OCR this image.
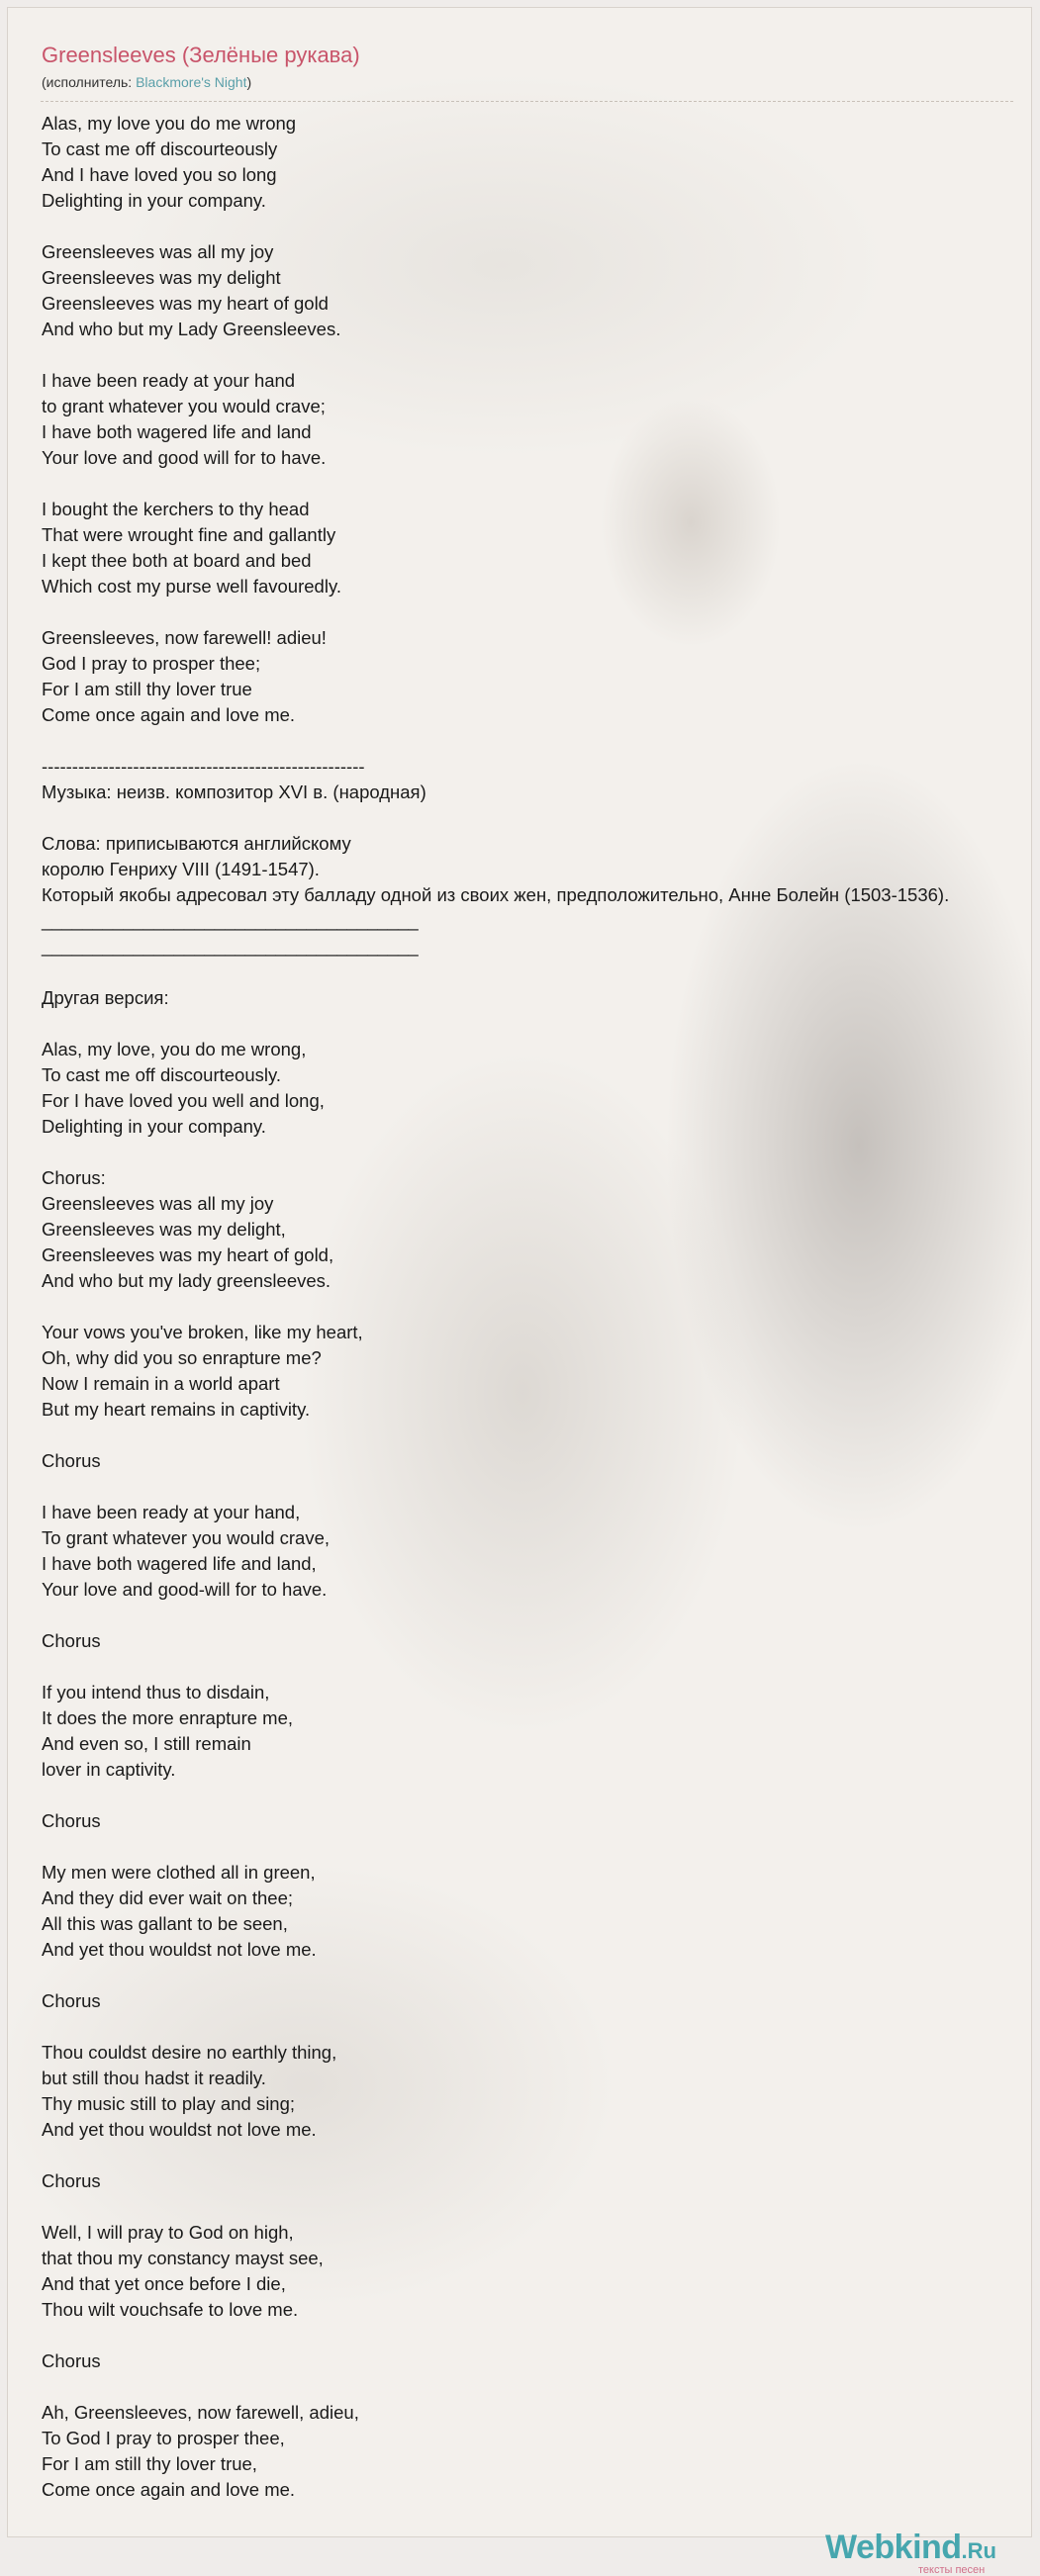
Greensleeves (Зелёные рукава)
(исполнитель: Blackmore's Night)
Alas, my love you do me wrong
To cast me off discourteously
And I have loved you so long
Delighting in your company.

Greensleeves was all my joy
Greensleeves was my delight
Greensleeves was my heart of gold
And who but my Lady Greensleeves.

I have been ready at your hand
to grant whatever you would crave;
I have both wagered life and land
Your love and good will for to have.

I bought the kerchers to thy head
That were wrought fine and gallantly
I kept thee both at board and bed
Which cost my purse well favouredly.

Greensleeves, now farewell! adieu!
God I pray to prosper thee;
For I am still thy lover true
Come once again and love me.

-----------------------------------------------------
Музыка: неизв. композитор XVI в. (народная)

Слова: приписываются английскому
королю Генриху VIII (1491-1547).
Который якобы адресовал эту балладу одной из своих жен, предположительно, Анне Болейн (1503-1536).
_____________________________________
_____________________________________

Другая версия:

Alas, my love, you do me wrong,
To cast me off discourteously.
For I have loved you well and long,
Delighting in your company.

Chorus:
Greensleeves was all my joy
Greensleeves was my delight,
Greensleeves was my heart of gold,
And who but my lady greensleeves.

Your vows you've broken, like my heart,
Oh, why did you so enrapture me?
Now I remain in a world apart
But my heart remains in captivity.

Chorus

I have been ready at your hand,
To grant whatever you would crave,
I have both wagered life and land,
Your love and good-will for to have.

Chorus

If you intend thus to disdain,
It does the more enrapture me,
And even so, I still remain
lover in captivity.

Chorus

My men were clothed all in green,
And they did ever wait on thee;
All this was gallant to be seen,
And yet thou wouldst not love me.

Chorus

Thou couldst desire no earthly thing,
but still thou hadst it readily.
Thy music still to play and sing;
And yet thou wouldst not love me.

Chorus

Well, I will pray to God on high,
that thou my constancy mayst see,
And that yet once before I die,
Thou wilt vouchsafe to love me.

Chorus

Ah, Greensleeves, now farewell, adieu,
To God I pray to prosper thee,
For I am still thy lover true,
Come once again and love me.
Webkind.Ru
тексты песен
